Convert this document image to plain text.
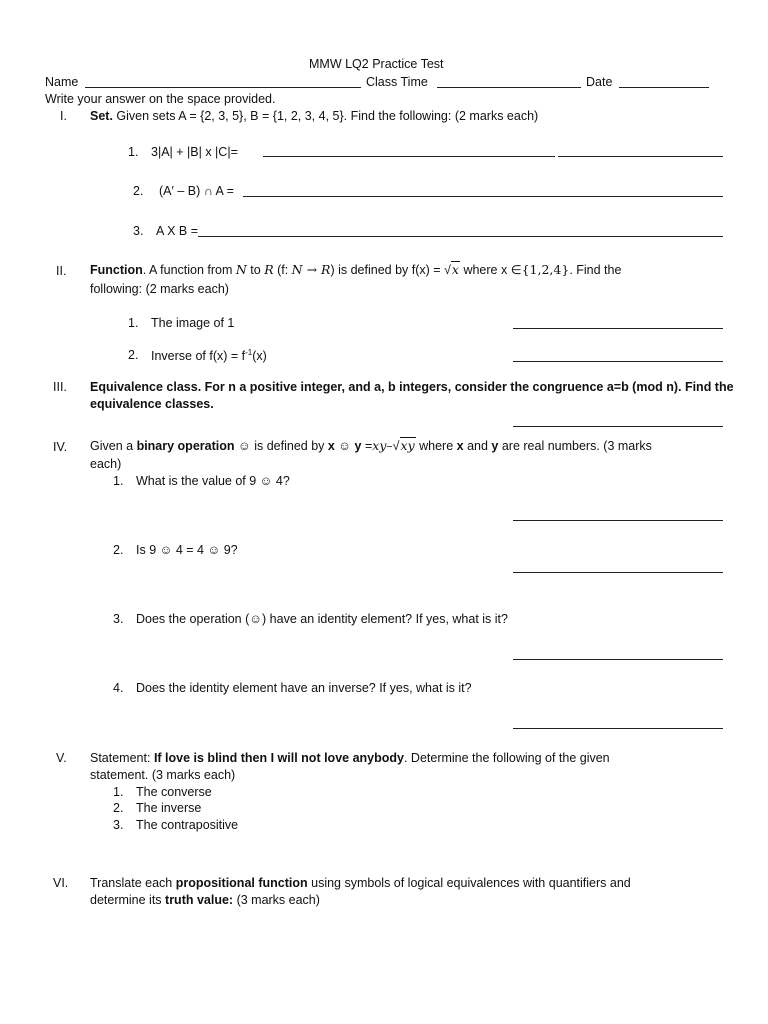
MMW LQ2 Practice Test
Name	Class Time	Date
Write your answer on the space provided.
I. Set. Given sets A = {2, 3, 5}, B = {1, 2, 3, 4, 5}. Find the following: (2 marks each)
1. 3|A| + |B| x |C|=
2. (A′ – B) ∩ A =
3. A X B =
II. Function. A function from N to R (f: N → R) is defined by f(x) = √x where x ∈{1,2,4}. Find the
following: (2 marks each)
1. The image of 1
2. Inverse of $f(x) = f^{-1}(x)$
III. Equivalence class. For n a positive integer, and a, b integers, consider the congruence a=b (mod n). Find the
equivalence classes.
IV. Given a binary operation ☺ is defined by x ☺ y =xy–√xy where x and y are real numbers. (3 marks
each)
1. What is the value of 9 ☺ 4?
2. Is 9 ☺ 4 = 4 ☺ 9?
3. Does the operation (☺) have an identity element? If yes, what is it?
4. Does the identity element have an inverse? If yes, what is it?
V. Statement: If love is blind then I will not love anybody. Determine the following of the given
statement. (3 marks each)
1. The converse
2. The inverse
3. The contrapositive
VI. Translate each propositional function using symbols of logical equivalences with quantifiers and
determine its truth value: (3 marks each)
